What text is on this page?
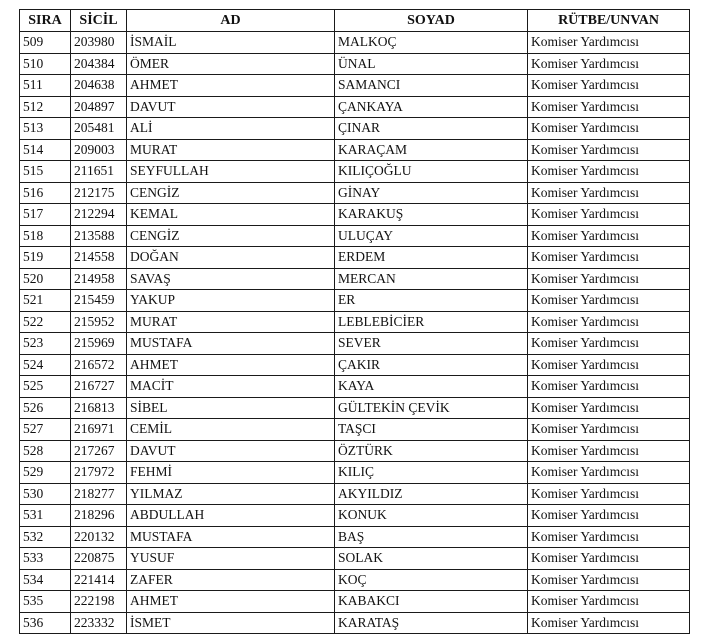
SIRA	SİCİL	AD	SOYAD	RÜTBE/UNVAN
509	203980	İSMAİL	MALKOÇ	Komiser Yardımcısı
510	204384	ÖMER	ÜNAL	Komiser Yardımcısı
511	204638	AHMET	SAMANCI	Komiser Yardımcısı
512	204897	DAVUT	ÇANKAYA	Komiser Yardımcısı
513	205481	ALİ	ÇINAR	Komiser Yardımcısı
514	209003	MURAT	KARAÇAM	Komiser Yardımcısı
515	211651	SEYFULLAH	KILIÇOĞLU	Komiser Yardımcısı
516	212175	CENGİZ	GİNAY	Komiser Yardımcısı
517	212294	KEMAL	KARAKUŞ	Komiser Yardımcısı
518	213588	CENGİZ	ULUÇAY	Komiser Yardımcısı
519	214558	DOĞAN	ERDEM	Komiser Yardımcısı
520	214958	SAVAŞ	MERCAN	Komiser Yardımcısı
521	215459	YAKUP	ER	Komiser Yardımcısı
522	215952	MURAT	LEBLEBİCİER	Komiser Yardımcısı
523	215969	MUSTAFA	SEVER	Komiser Yardımcısı
524	216572	AHMET	ÇAKIR	Komiser Yardımcısı
525	216727	MACİT	KAYA	Komiser Yardımcısı
526	216813	SİBEL	GÜLTEKİN ÇEVİK	Komiser Yardımcısı
527	216971	CEMİL	TAŞCI	Komiser Yardımcısı
528	217267	DAVUT	ÖZTÜRK	Komiser Yardımcısı
529	217972	FEHMİ	KILIÇ	Komiser Yardımcısı
530	218277	YILMAZ	AKYILDIZ	Komiser Yardımcısı
531	218296	ABDULLAH	KONUK	Komiser Yardımcısı
532	220132	MUSTAFA	BAŞ	Komiser Yardımcısı
533	220875	YUSUF	SOLAK	Komiser Yardımcısı
534	221414	ZAFER	KOÇ	Komiser Yardımcısı
535	222198	AHMET	KABAKCI	Komiser Yardımcısı
536	223332	İSMET	KARATAŞ	Komiser Yardımcısı
